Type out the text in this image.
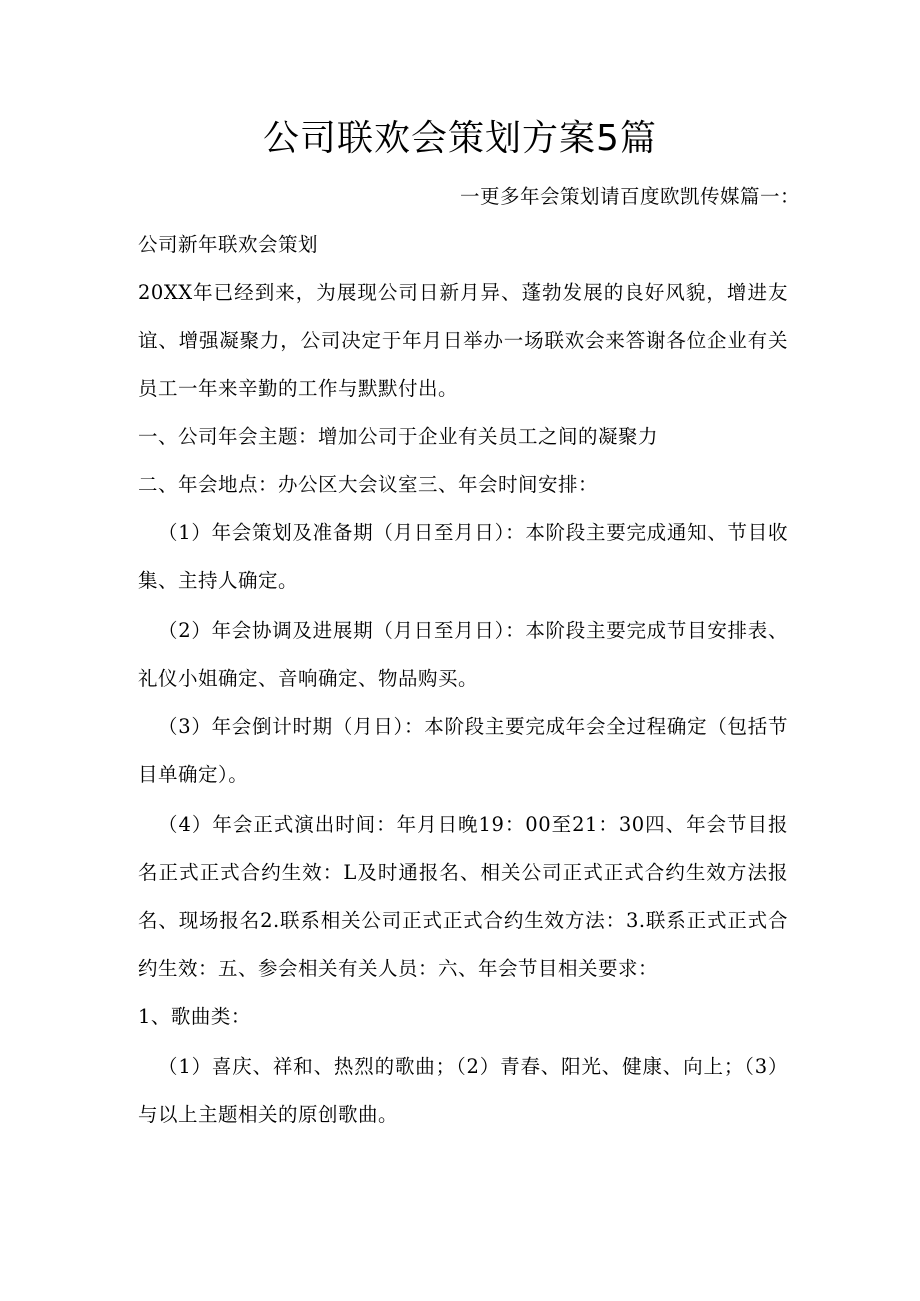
公司联欢会策划方案5篇
一更多年会策划请百度欧凯传媒篇一：
公司新年联欢会策划
20XX年已经到来，为展现公司日新月异、蓬勃发展的良好风貌，增进友
谊、增强凝聚力，公司决定于年月日举办一场联欢会来答谢各位企业有关
员工一年来辛勤的工作与默默付出。
一、公司年会主题：增加公司于企业有关员工之间的凝聚力
二、年会地点：办公区大会议室三、年会时间安排：
（1）年会策划及准备期（月日至月日）：本阶段主要完成通知、节目收
集、主持人确定。
（2）年会协调及进展期（月日至月日）：本阶段主要完成节目安排表、
礼仪小姐确定、音响确定、物品购买。
（3）年会倒计时期（月日）：本阶段主要完成年会全过程确定（包括节
目单确定）。
（4）年会正式演出时间：年月日晚19：00至21：30四、年会节目报
名正式正式合约生效：L及时通报名、相关公司正式正式合约生效方法报
名、现场报名2.联系相关公司正式正式合约生效方法：3.联系正式正式合
约生效：五、参会相关有关人员：六、年会节目相关要求：
1、歌曲类：
（1）喜庆、祥和、热烈的歌曲；（2）青春、阳光、健康、向上；（3）
与以上主题相关的原创歌曲。
